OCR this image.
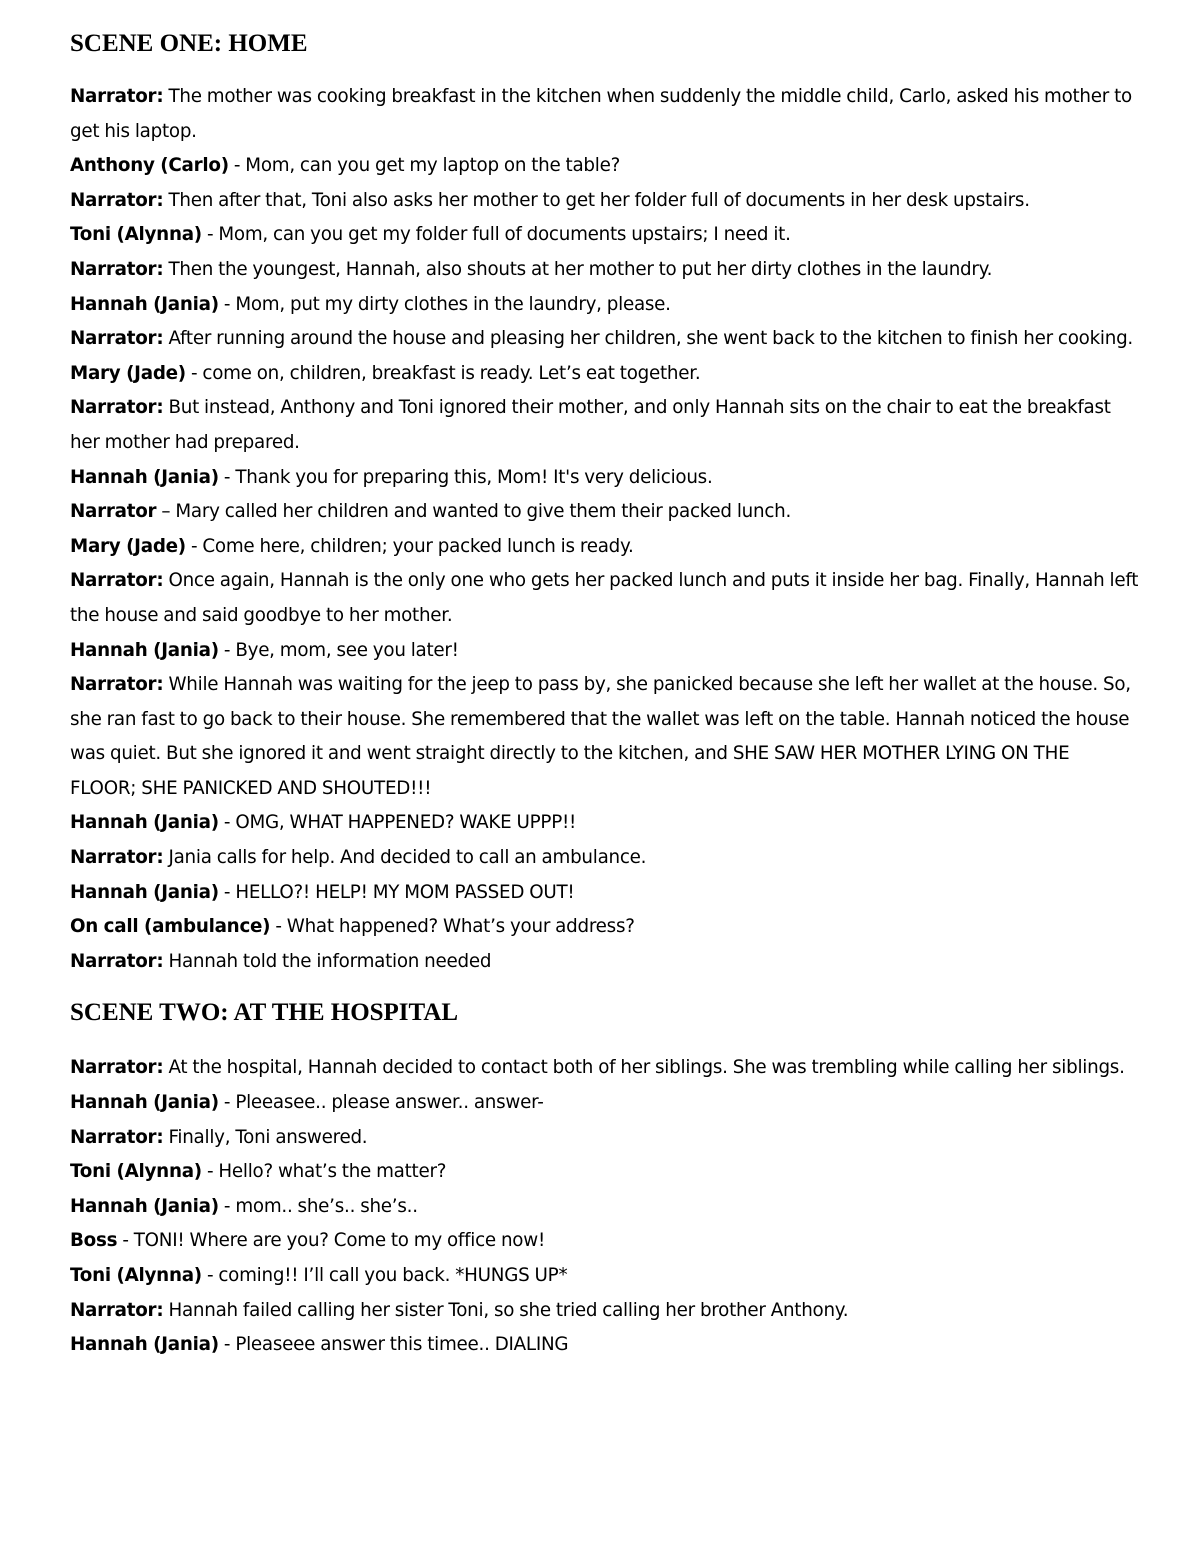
SCENE ONE: HOME

Narrator: The mother was cooking breakfast in the kitchen when suddenly the middle child, Carlo, asked his mother to get his laptop.

Anthony (Carlo) - Mom, can you get my laptop on the table?

Narrator: Then after that, Toni also asks her mother to get her folder full of documents in her desk upstairs.

Toni (Alynna) - Mom, can you get my folder full of documents upstairs; I need it.

Narrator: Then the youngest, Hannah, also shouts at her mother to put her dirty clothes in the laundry.

Hannah (Jania) - Mom, put my dirty clothes in the laundry, please.

Narrator: After running around the house and pleasing her children, she went back to the kitchen to finish her cooking.

Mary (Jade) - come on, children, breakfast is ready. Let’s eat together.

Narrator: But instead, Anthony and Toni ignored their mother, and only Hannah sits on the chair to eat the breakfast her mother had prepared.

Hannah (Jania) - Thank you for preparing this, Mom! It's very delicious.

Narrator – Mary called her children and wanted to give them their packed lunch.

Mary (Jade) - Come here, children; your packed lunch is ready.

Narrator: Once again, Hannah is the only one who gets her packed lunch and puts it inside her bag. Finally, Hannah left the house and said goodbye to her mother.

Hannah (Jania) - Bye, mom, see you later!

Narrator: While Hannah was waiting for the jeep to pass by, she panicked because she left her wallet at the house. So, she ran fast to go back to their house. She remembered that the wallet was left on the table. Hannah noticed the house was quiet. But she ignored it and went straight directly to the kitchen, and SHE SAW HER MOTHER LYING ON THE FLOOR; SHE PANICKED AND SHOUTED!!!

Hannah (Jania) - OMG, WHAT HAPPENED? WAKE UPPP!!

Narrator: Jania calls for help. And decided to call an ambulance.

Hannah (Jania) - HELLO?! HELP! MY MOM PASSED OUT!

On call (ambulance) - What happened? What’s your address?

Narrator: Hannah told the information needed

SCENE TWO: AT THE HOSPITAL

Narrator: At the hospital, Hannah decided to contact both of her siblings. She was trembling while calling her siblings.

Hannah (Jania) - Pleeasee.. please answer.. answer-

Narrator: Finally, Toni answered.

Toni (Alynna) - Hello? what’s the matter?

Hannah (Jania) - mom.. she’s.. she’s..

Boss - TONI! Where are you? Come to my office now!

Toni (Alynna) - coming!! I’ll call you back. *HUNGS UP*

Narrator: Hannah failed calling her sister Toni, so she tried calling her brother Anthony.

Hannah (Jania) - Pleaseee answer this timee.. DIALING
